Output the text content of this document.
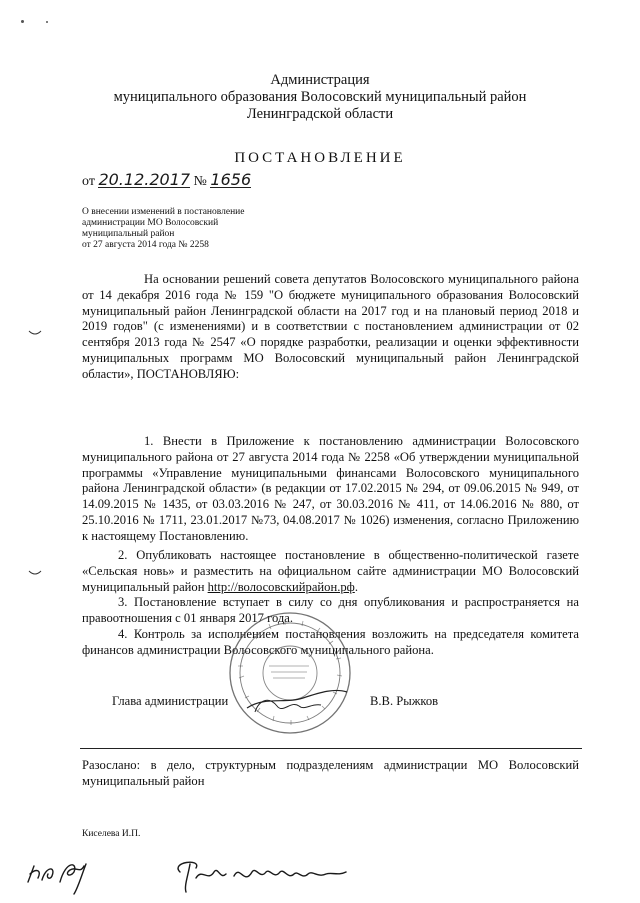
Администрация
муниципального образования Волосовский муниципальный район
Ленинградской области
ПОСТАНОВЛЕНИЕ
от 20.12.2017 № 1656
О внесении изменений в постановление
администрации МО Волосовский
муниципальный район
от 27 августа 2014 года № 2258

На основании решений совета депутатов Волосовского муниципального района от 14 декабря 2016 года № 159 "О бюджете муниципального образования Волосовский муниципальный район Ленинградской области на 2017 год и на плановый период 2018 и 2019 годов" (с изменениями) и в соответствии с постановлением администрации от 02 сентября 2013 года № 2547 «О порядке разработки, реализации и оценки эффективности муниципальных программ МО Волосовский муниципальный район Ленинградской области», ПОСТАНОВЛЯЮ:

1. Внести в Приложение к постановлению администрации Волосовского муниципального района от 27 августа 2014 года № 2258 «Об утверждении муниципальной программы «Управление муниципальными финансами Волосовского муниципального района Ленинградской области» (в редакции от 17.02.2015 № 294, от 09.06.2015 № 949, от 14.09.2015 № 1435, от 03.03.2016 № 247, от 30.03.2016 № 411, от 14.06.2016 № 880, от 25.10.2016 № 1711, 23.01.2017 №73, 04.08.2017 № 1026) изменения, согласно Приложению к настоящему Постановлению.

2. Опубликовать настоящее постановление в общественно-политической газете «Сельская новь» и разместить на официальном сайте администрации МО Волосовский муниципальный район http://волосовскийрайон.рф.

3. Постановление вступает в силу со дня опубликования и распространяется на правоотношения с 01 января 2017 года.

4. Контроль за исполнением постановления возложить на председателя комитета финансов администрации Волосовского муниципального района.

Глава администрации	В.В. Рыжков
Разослано: в дело, структурным подразделениям администрации МО Волосовский муниципальный район
Киселева И.П.
